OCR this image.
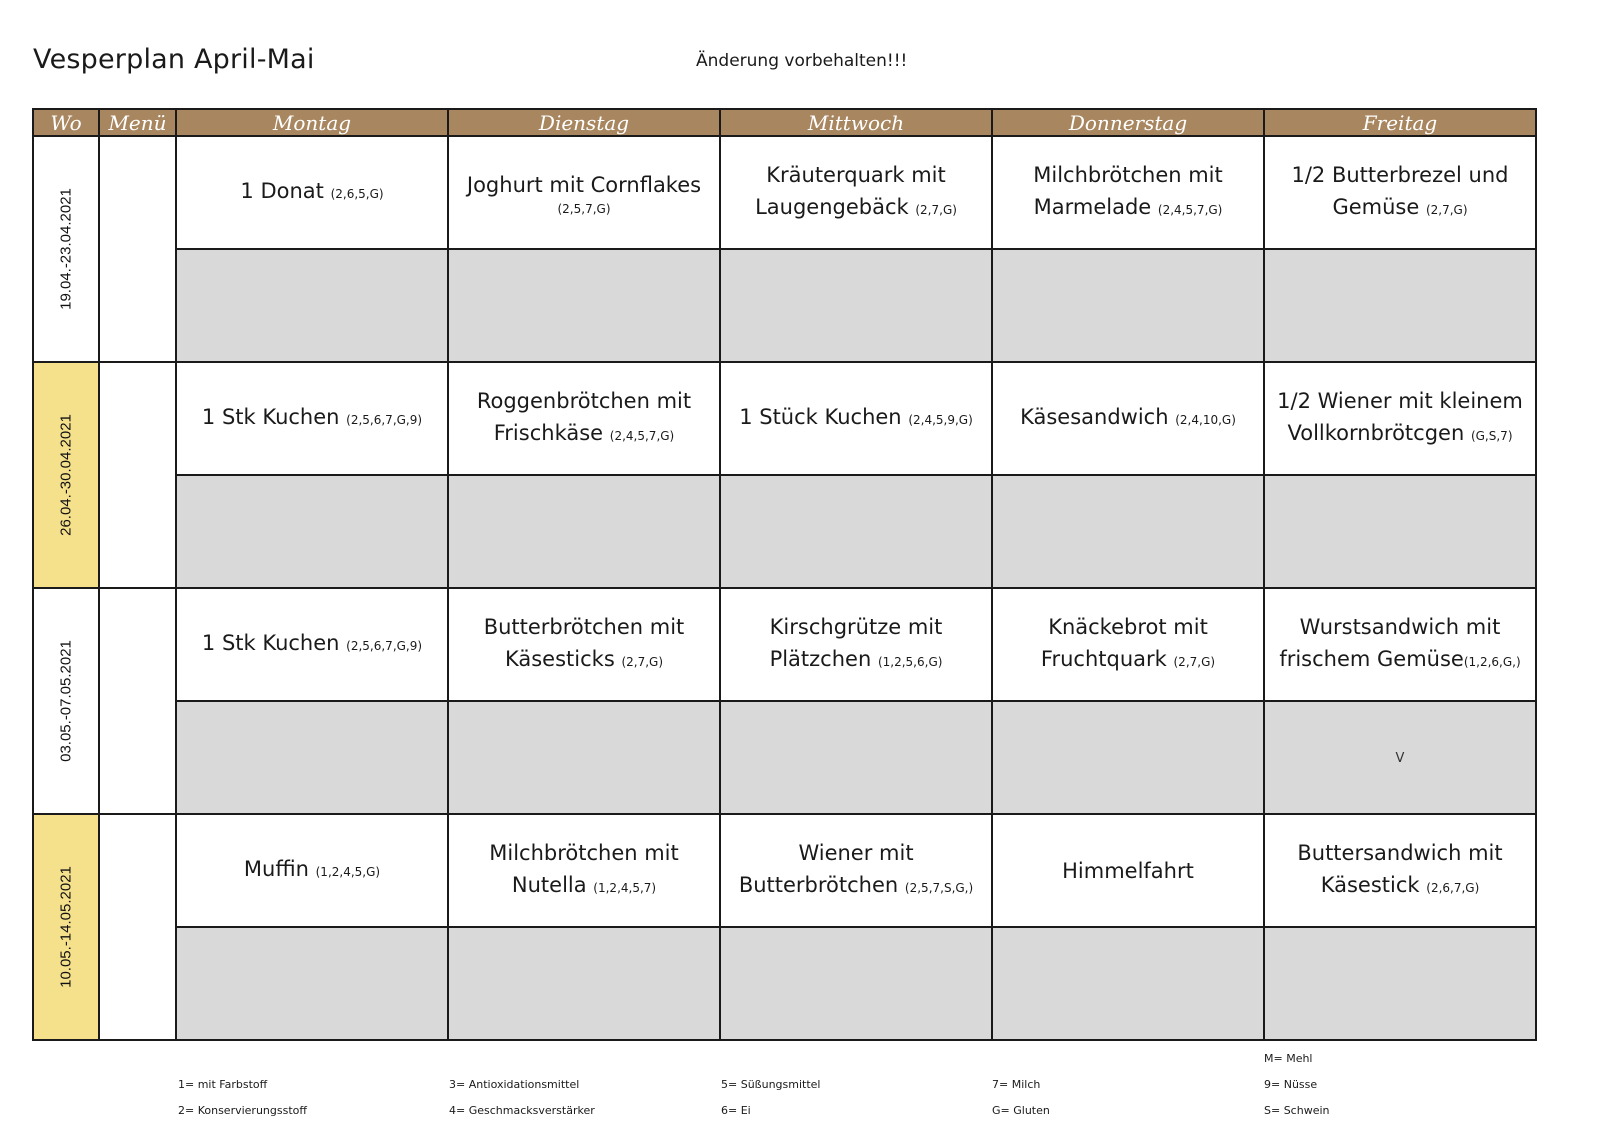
Vesperplan April-Mai	Änderung vorbehalten!!!
Wo	Menü	Montag	Dienstag	Mittwoch	Donnerstag	Freitag

19.04.-23.04.2021		1 Donat (2,6,5,G)	Joghurt mit Cornflakes
(2,5,7,G)	Kräuterquark mit
Laugengebäck (2,7,G)	Milchbrötchen mit
Marmelade (2,4,5,7,G)	1/2 Butterbrezel und
Gemüse (2,7,G)

26.04.-30.04.2021		1 Stk Kuchen (2,5,6,7,G,9)	Roggenbrötchen mit
Frischkäse (2,4,5,7,G)	1 Stück Kuchen (2,4,5,9,G)	Käsesandwich (2,4,10,G)	1/2 Wiener mit kleinem
Vollkornbrötcgen (G,S,7)

03.05.-07.05.2021		1 Stk Kuchen (2,5,6,7,G,9)	Butterbrötchen mit
Käsesticks (2,7,G)	Kirschgrütze mit
Plätzchen (1,2,5,6,G)	Knäckebrot mit
Fruchtquark (2,7,G)	Wurstsandwich mit
frischem Gemüse(1,2,6,G,)

						V

10.05.-14.05.2021		Muffin (1,2,4,5,G)	Milchbrötchen mit
Nutella (1,2,4,5,7)	Wiener mit
Butterbrötchen (2,5,7,S,G,)	Himmelfahrt	Buttersandwich mit
Käsestick (2,6,7,G)

1= mit Farbstoff
2= Konservierungsstoff
3= Antioxidationsmittel
4= Geschmacksverstärker
5= Süßungsmittel
6= Ei
7= Milch
G= Gluten
M= Mehl
9= Nüsse
S= Schwein
